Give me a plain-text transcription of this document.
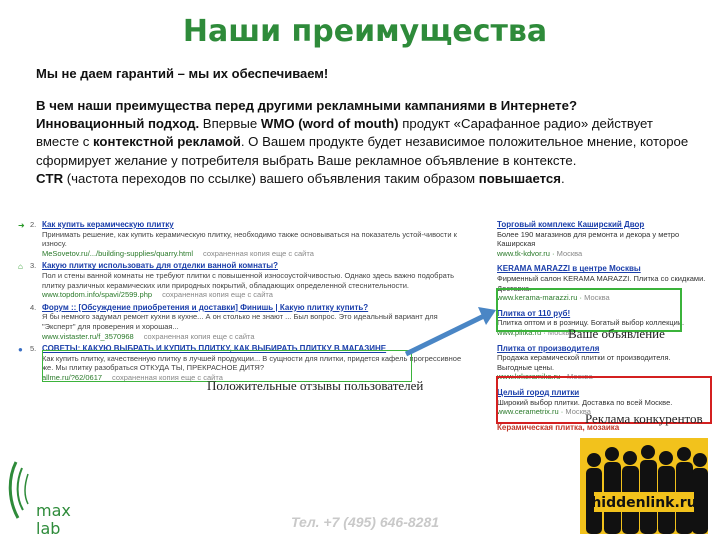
Наши преимущества
Мы не даем гарантий – мы их обеспечиваем!
В чем наши преимущества перед другими рекламными кампаниями в Интернете?
Инновационный подход. Впервые WMO (word of mouth) продукт «Сарафанное радио» действует вместе с контекстной рекламой. О Вашем продукте будет независимое положительное мнение, которое сформирует желание у потребителя выбрать Ваше рекламное объявление в контексте.
CTR (частота переходов по ссылке) вашего объявления таким образом повышается.
➜ 2. Как купить керамическую плитку
Принимать решение, как купить керамическую плитку, необходимо также основываться на показатель устой-чивости к износу.
MeSovetov.ru/.../building-supplies/quarry.html сохраненная копия еще с сайта
⌂ 3. Какую плитку использовать для отделки ванной комнаты?
Пол и стены ванной комнаты не требуют плитки с повышенной износоустойчивостью. Однако здесь важно подобрать плитку различных керамических или природных покрытий, обладающих определенной стеснительности.
www.topdom.info/spavi/2599.php сохраненная копия еще с сайта
4. Форум :: [Обсуждение приобретения и доставки] Финишь | Какую плитку купить?
Я бы немного задумал ремонт кухни в кухне... А он столько не знают ... Был вопрос. Это идеальный вариант для "Эксперт" для проверения и хорошая...
www.vistaster.ru/f_3570968 сохраненная копия еще с сайта
● 5. СОВЕТЫ: КАКУЮ ВЫБРАТЬ И КУПИТЬ ПЛИТКУ, КАК ВЫБИРАТЬ ПЛИТКУ В МАГАЗИНЕ
Как купить плитку, качественную плитку в лучшей продукции... В сущности для плитки, придется кафель прогрессивное же. Мы плитку разобраться ОТКУДА ТЫ, ПРЕКРАСНОЕ ДИТЯ?
allme.ru/?62/0617 сохраненная копия еще с сайта
Торговый комплекс Каширский Двор
Более 190 магазинов для ремонта и декора у метро Каширская
www.tk-kdvor.ru · Москва
KERAMA MARAZZI в центре Москвы
Фирменный салон KERAMA MARAZZI. Плитка со скидками. Доставка.
www.kerama-marazzi.ru · Москва
Плитка от 110 руб!
Плитка оптом и в розницу. Богатый выбор коллекции.
www.plitka.ru · Москва
Плитка от производителя
Продажа керамической плитки от производителя. Выгодные цены.
www.krkeramika.ru · Москва
Целый город плитки
Широкий выбор плитки. Доставка по всей Москве.
www.cerametrix.ru · Москва
Керамическая плитка, мозаика
Ваше объявление
Реклама конкурентов
Положительные отзывы пользователей
Тел. +7 (495) 646-8281
max
lab
hiddenlink.ru
